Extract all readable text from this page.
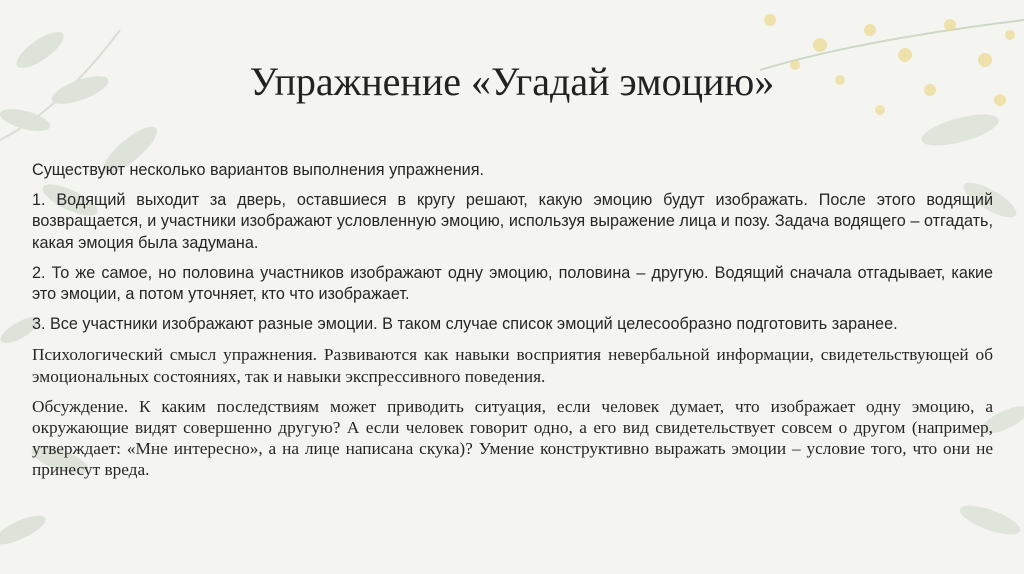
Упражнение «Угадай эмоцию»

Существуют несколько вариантов выполнения упражнения.

1. Водящий выходит за дверь, оставшиеся в кругу решают, какую эмоцию будут изображать. После этого водящий возвращается, и участники изображают условленную эмоцию, используя выражение лица и позу. Задача водящего – отгадать, какая эмоция была задумана.

2. То же самое, но половина участников изображают одну эмоцию, половина – другую. Водящий сначала отгадывает, какие это эмоции, а потом уточняет, кто что изображает.

3. Все участники изображают разные эмоции. В таком случае список эмоций целесообразно подготовить заранее.

Психологический смысл упражнения. Развиваются как навыки восприятия невербальной информации, свидетельствующей об эмоциональных состояниях, так и навыки экспрессивного поведения.

Обсуждение. К каким последствиям может приводить ситуация, если человек думает, что изображает одну эмоцию, а окружающие видят совершенно другую? А если человек говорит одно, а его вид свидетельствует совсем о другом (например, утверждает: «Мне интересно», а на лице написана скука)? Умение конструктивно выражать эмоции – условие того, что они не принесут вреда.
